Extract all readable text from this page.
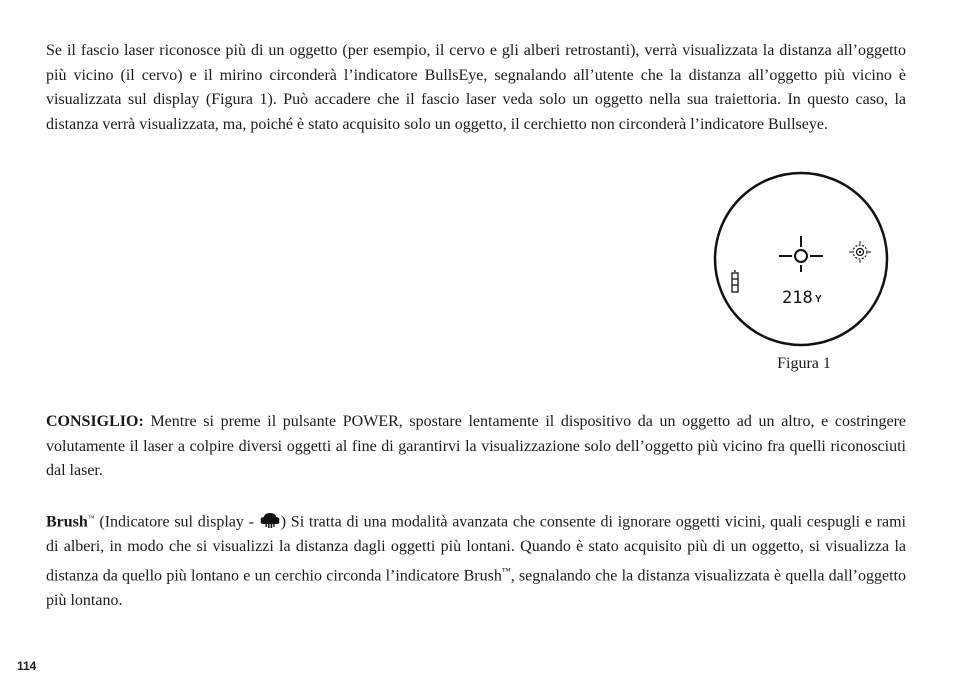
Se il fascio laser riconosce più di un oggetto (per esempio, il cervo e gli alberi retrostanti), verrà visualizzata la distanza all’oggetto più vicino (il cervo) e il mirino circonderà l’indicatore BullsEye, segnalando all’utente che la distanza all’oggetto più vicino è visualizzata sul display (Figura 1). Può accadere che il fascio laser veda solo un oggetto nella sua traiettoria. In questo caso, la distanza verrà visualizzata, ma, poiché è stato acquisito solo un oggetto, il cerchietto non circonderà l’indicatore Bullseye.

218 Y
Figura 1

CONSIGLIO: Mentre si preme il pulsante POWER, spostare lentamente il dispositivo da un oggetto ad un altro, e costringere volutamente il laser a colpire diversi oggetti al fine di garantirvi la visualizzazione solo dell’oggetto più vicino fra quelli riconosciuti dal laser.

Brush™ (Indicatore sul display - ) Si tratta di una modalità avanzata che consente di ignorare oggetti vicini, quali cespugli e rami di alberi, in modo che si visualizzi la distanza dagli oggetti più lontani. Quando è stato acquisito più di un oggetto, si visualizza la distanza da quello più lontano e un cerchio circonda l’indicatore Brush™, segnalando che la distanza visualizzata è quella dall’oggetto più lontano.

114
